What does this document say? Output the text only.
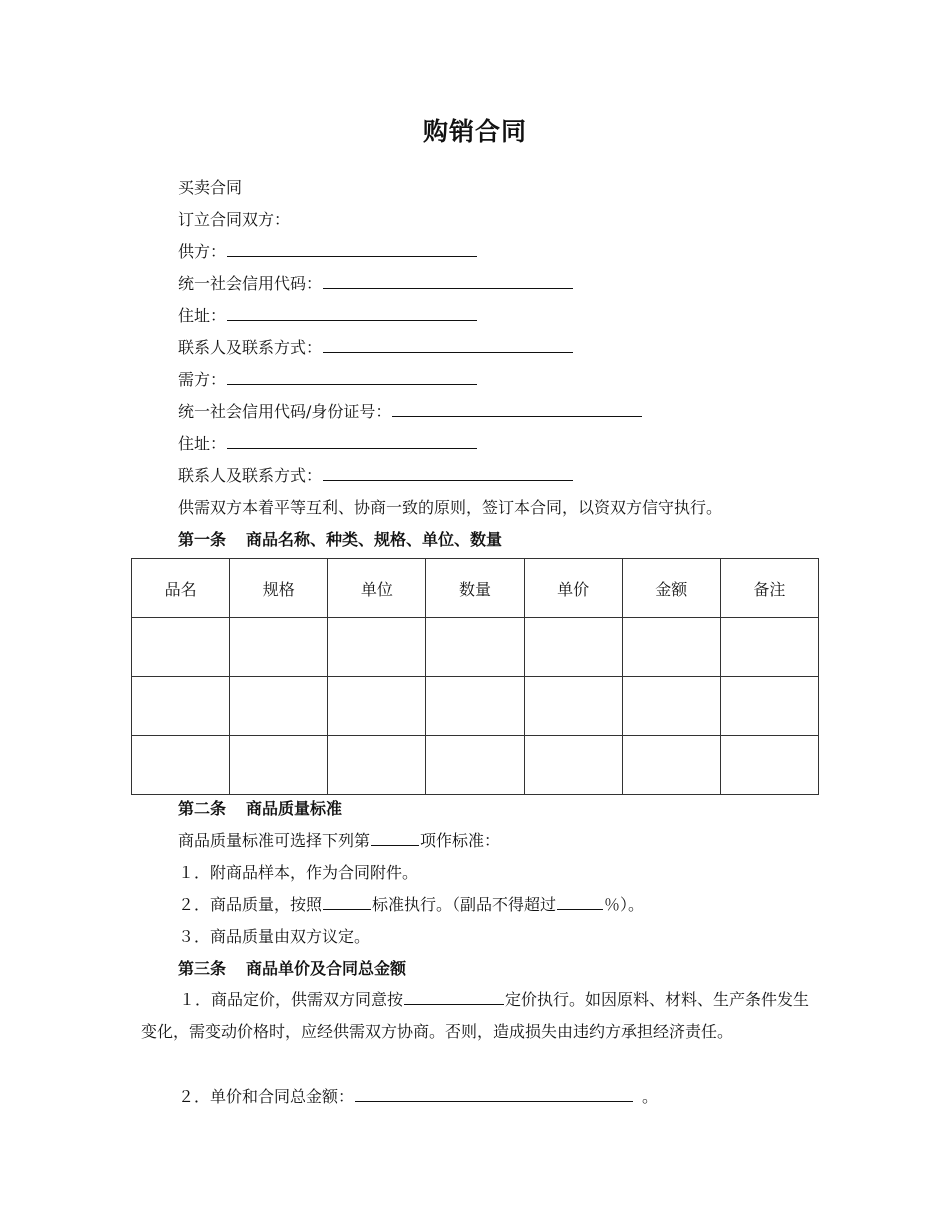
购销合同
买卖合同
订立合同双方：
供方：
统一社会信用代码：
住址：
联系人及联系方式：
需方：
统一社会信用代码/身份证号：
住址：
联系人及联系方式：
供需双方本着平等互利、协商一致的原则，签订本合同，以资双方信守执行。
第一条 商品名称、种类、规格、单位、数量
品名	规格	单位	数量	单价	金额	备注

第二条 商品质量标准
商品质量标准可选择下列第	项作标准：
１．附商品样本，作为合同附件。
２．商品质量，按照	标准执行。（副品不得超过	％）。
３．商品质量由双方议定。
第三条 商品单价及合同总金额
１．商品定价，供需双方同意按	定价执行。如因原料、材料、生产条件发生变化，需变动价格时，应经供需双方协商。否则，造成损失由违约方承担经济责任。
２．单价和合同总金额：	。
